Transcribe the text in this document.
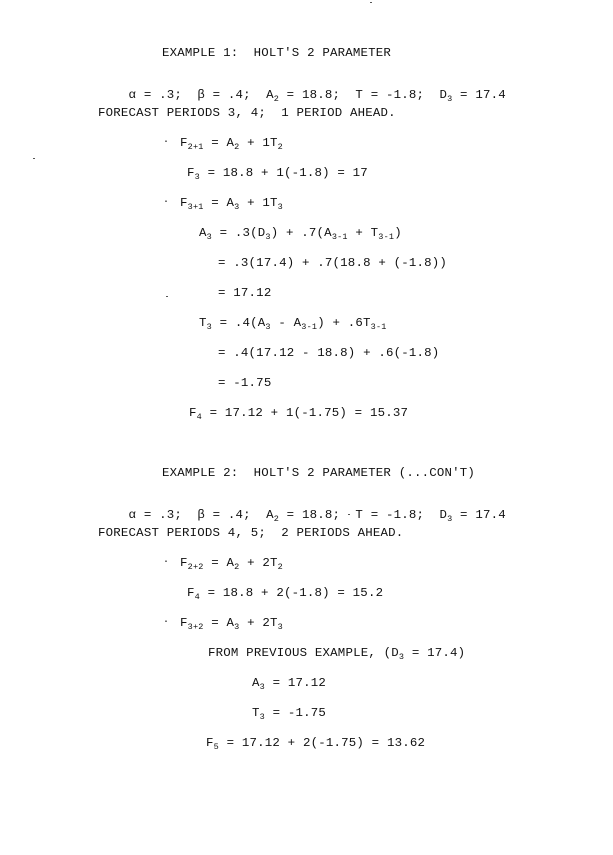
EXAMPLE 1:  HOLT'S 2 PARAMETER

α = .3; β = .4; $A_2 = 18.8$; T = -1.8; $D_3 = 17.4$

FORECAST PERIODS 3, 4;  1 PERIOD AHEAD.
· $F_{2+1} = A_2 + 1T_2$
$F_3 = 18.8 + 1(-1.8) = 17$
· $F_{3+1} = A_3 + 1T_3$
$A_3 = .3(D_3) + .7(A_{3-1} + T_{3-1})$
= .3(17.4) + .7(18.8 + (-1.8))
= 17.12
$T_3 = .4(A_3 - A_{3-1}) + .6T_{3-1}$
= .4(17.12 - 18.8) + .6(-1.8)
= -1.75
$F_4 = 17.12 + 1(-1.75) = 15.37$
EXAMPLE 2:  HOLT'S 2 PARAMETER (...CON'T)

α = .3; β = .4; $A_2 = 18.8$; T = -1.8; $D_3 = 17.4$

FORECAST PERIODS 4, 5;  2 PERIODS AHEAD.
· $F_{2+2} = A_2 + 2T_2$
$F_4 = 18.8 + 2(-1.8) = 15.2$
· $F_{3+2} = A_3 + 2T_3$
FROM PREVIOUS EXAMPLE, $(D_3 = 17.4)$
$A_3 = 17.12$
$T_3 = -1.75$
$F_5 = 17.12 + 2(-1.75) = 13.62$
